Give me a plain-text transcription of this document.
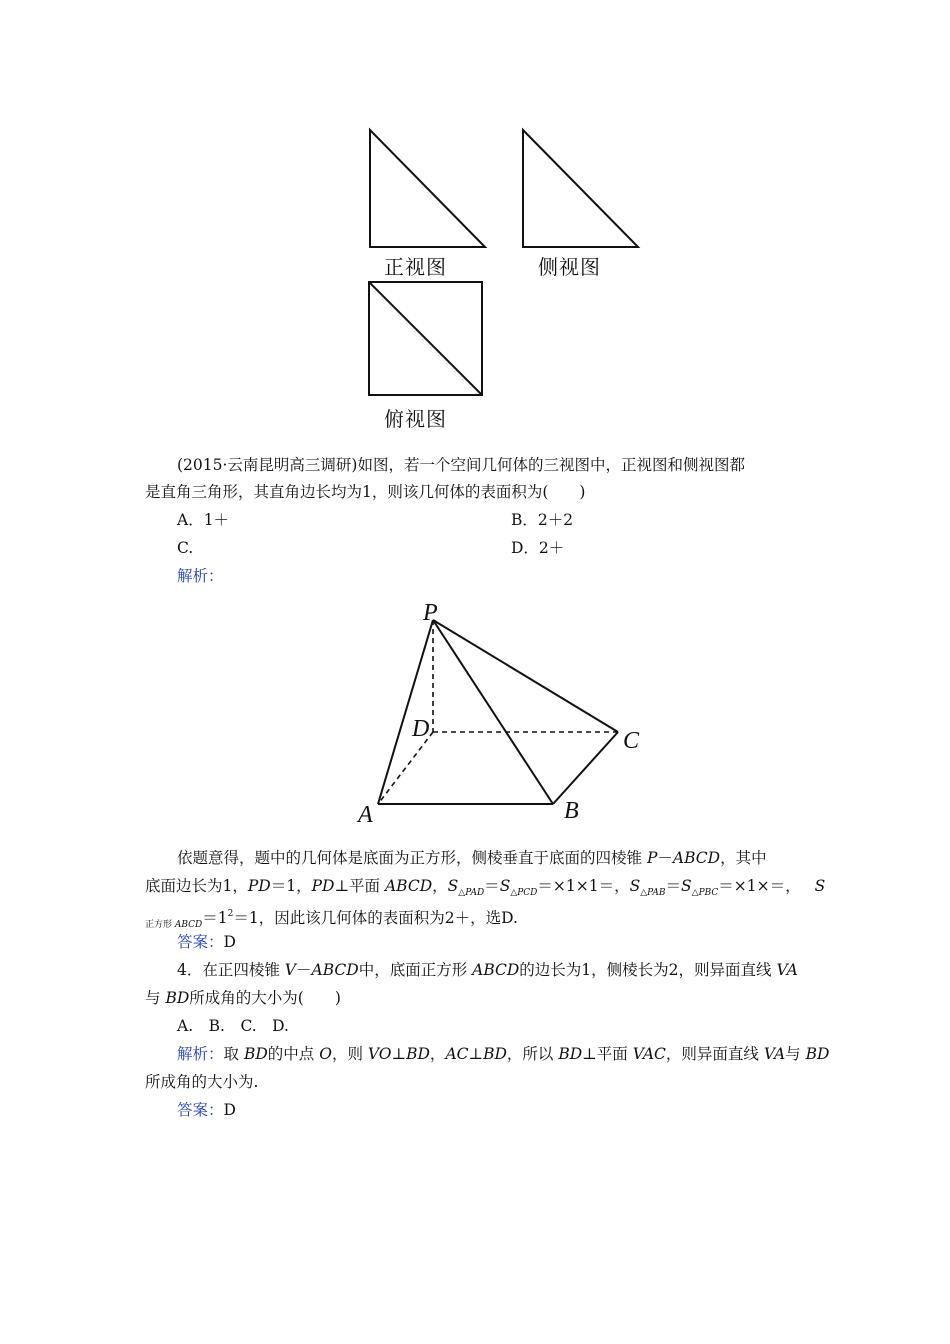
正视图	侧视图
俯视图
(2015·云南昆明高三调研)如图，若一个空间几何体的三视图中，正视图和侧视图都
是直角三角形，其直角边长均为1，则该几何体的表面积为(　　)
A．1＋	B．2＋2
C.	D．2＋
解析：
P
D	C
A	B
依题意得，题中的几何体是底面为正方形，侧棱垂直于底面的四棱锥 P－ABCD，其中
底面边长为1，PD＝1，PD⊥平面 ABCD，$S_{\triangle PAD}=S_{\triangle PCD}=\times 1\times 1=$，$S_{\triangle PAB}=S_{\triangle PBC}=\times 1\times=$， S
$_{正方形 ABCD}=1^2=1$，因此该几何体的表面积为2＋，选D.
答案：D
4．在正四棱锥 V－ABCD中，底面正方形 ABCD的边长为1，侧棱长为2，则异面直线 VA
与 BD所成角的大小为(　　)
A.　B.　C.　D.
解析：取 BD的中点 O，则 VO⊥BD，AC⊥BD，所以 BD⊥平面 VAC，则异面直线 VA与 BD
所成角的大小为.
答案：D
